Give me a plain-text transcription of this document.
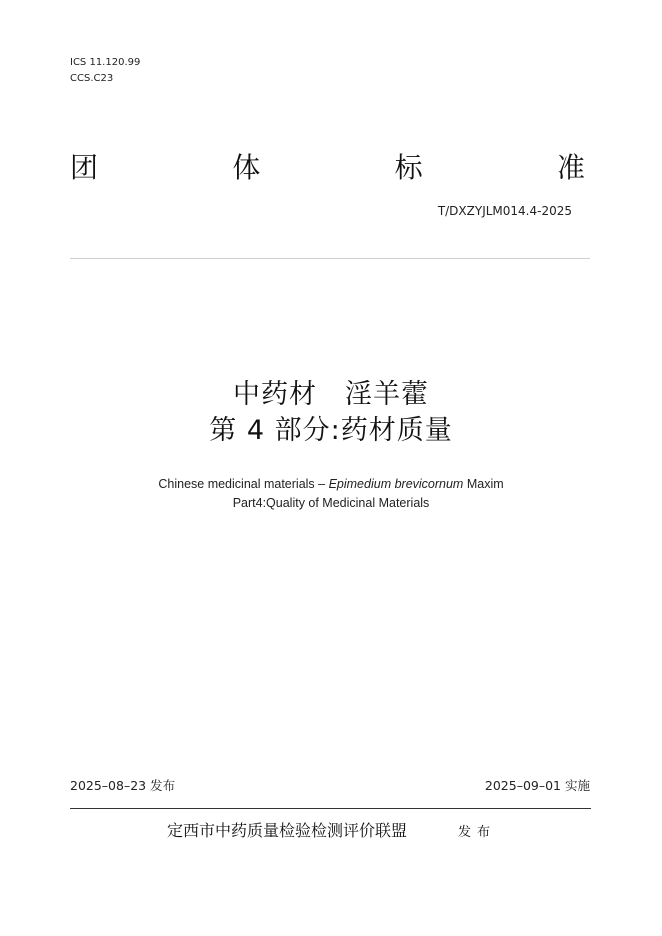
ICS 11.120.99
CCS.C23
团	体	标	准
T/DXZYJLM014.4-2025
中药材　淫羊藿
第 4 部分:药材质量
Chinese medicinal materials – Epimedium brevicornum Maxim
Part4:Quality of Medicinal Materials
2025–08–23 发布	2025–09–01 实施
定西市中药质量检验检测评价联盟	发布
